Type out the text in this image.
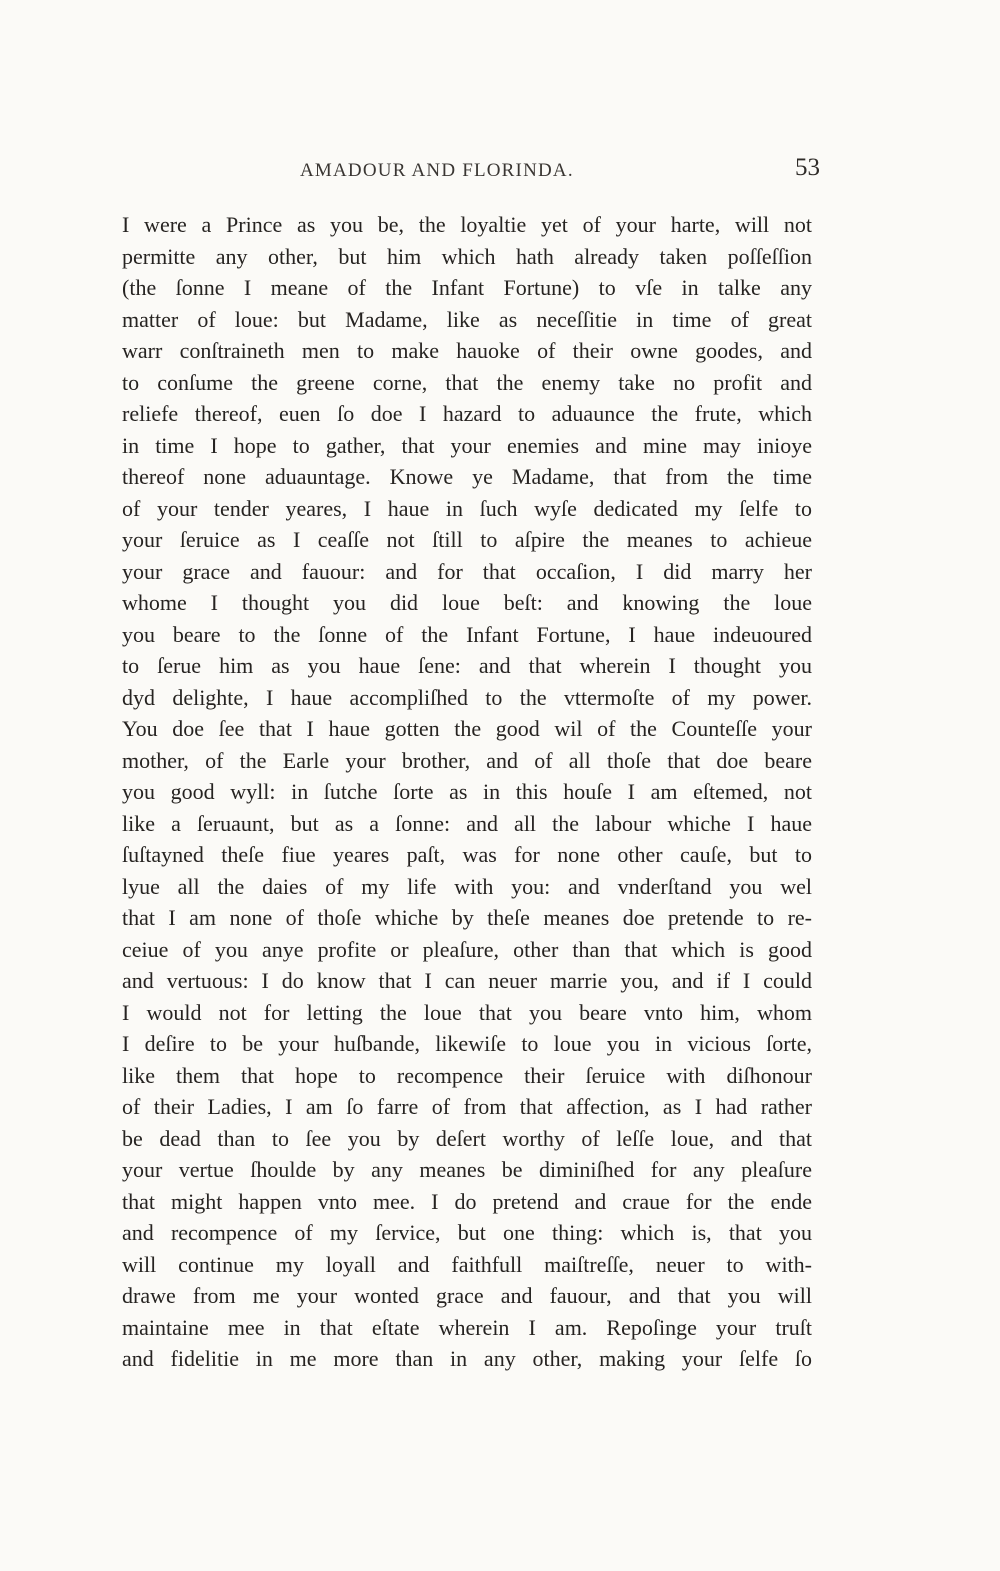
AMADOUR AND FLORINDA.	53
I were a Prince as you be, the loyaltie yet of your harte, will not
permitte any other, but him which hath already taken poſſeſſion
(the ſonne I meane of the Infant Fortune) to vſe in talke any
matter of loue: but Madame, like as neceſſitie in time of great
warr conſtraineth men to make hauoke of their owne goodes, and
to conſume the greene corne, that the enemy take no profit and
reliefe thereof, euen ſo doe I hazard to aduaunce the frute, which
in time I hope to gather, that your enemies and mine may inioye
thereof none aduauntage. Knowe ye Madame, that from the time
of your tender yeares, I haue in ſuch wyſe dedicated my ſelfe to
your ſeruice as I ceaſſe not ſtill to aſpire the meanes to achieue
your grace and fauour: and for that occaſion, I did marry her
whome I thought you did loue beſt: and knowing the loue
you beare to the ſonne of the Infant Fortune, I haue indeuoured
to ſerue him as you haue ſene: and that wherein I thought you
dyd delighte, I haue accompliſhed to the vttermoſte of my power.
You doe ſee that I haue gotten the good wil of the Counteſſe your
mother, of the Earle your brother, and of all thoſe that doe beare
you good wyll: in ſutche ſorte as in this houſe I am eſtemed, not
like a ſeruaunt, but as a ſonne: and all the labour whiche I haue
ſuſtayned theſe fiue yeares paſt, was for none other cauſe, but to
lyue all the daies of my life with you: and vnderſtand you wel
that I am none of thoſe whiche by theſe meanes doe pretende to re-
ceiue of you anye profite or pleaſure, other than that which is good
and vertuous: I do know that I can neuer marrie you, and if I could
I would not for letting the loue that you beare vnto him, whom
I deſire to be your huſbande, likewiſe to loue you in vicious ſorte,
like them that hope to recompence their ſeruice with diſhonour
of their Ladies, I am ſo farre of from that affection, as I had rather
be dead than to ſee you by deſert worthy of leſſe loue, and that
your vertue ſhoulde by any meanes be diminiſhed for any pleaſure
that might happen vnto mee. I do pretend and craue for the ende
and recompence of my ſervice, but one thing: which is, that you
will continue my loyall and faithfull maiſtreſſe, neuer to with-
drawe from me your wonted grace and fauour, and that you will
maintaine mee in that eſtate wherein I am. Repoſinge your truſt
and fidelitie in me more than in any other, making your ſelfe ſo
